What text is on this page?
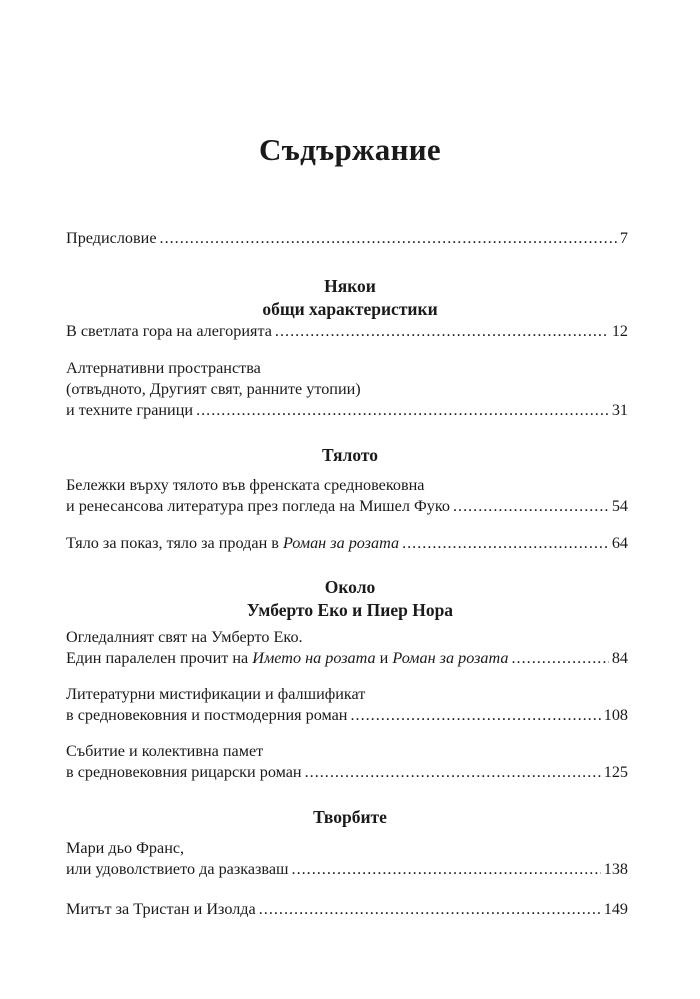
Съдържание
Предисловие .....	7
Някои
общи характеристики
В светлата гора на алегорията .....	12
Алтернативни пространства
(отвъдното, Другият свят, ранните утопии)
и техните граници .....	31
Тялото
Бележки върху тялото във френската средновековна
и ренесансова литература през погледа на Мишел Фуко .....	54
Тяло за показ, тяло за продан в Роман за розата .....	64
Около
Умберто Еко и Пиер Нора
Огледалният свят на Умберто Еко.
Един паралелен прочит на Името на розата и Роман за розата .....	84
Литературни мистификации и фалшификат
в средновековния и постмодерния роман .....	108
Събитие и колективна памет
в средновековния рицарски роман .....	125
Творбите
Мари дьо Франс,
или удоволствието да разказваш .....	138
Митът за Тристан и Изолда .....	149
